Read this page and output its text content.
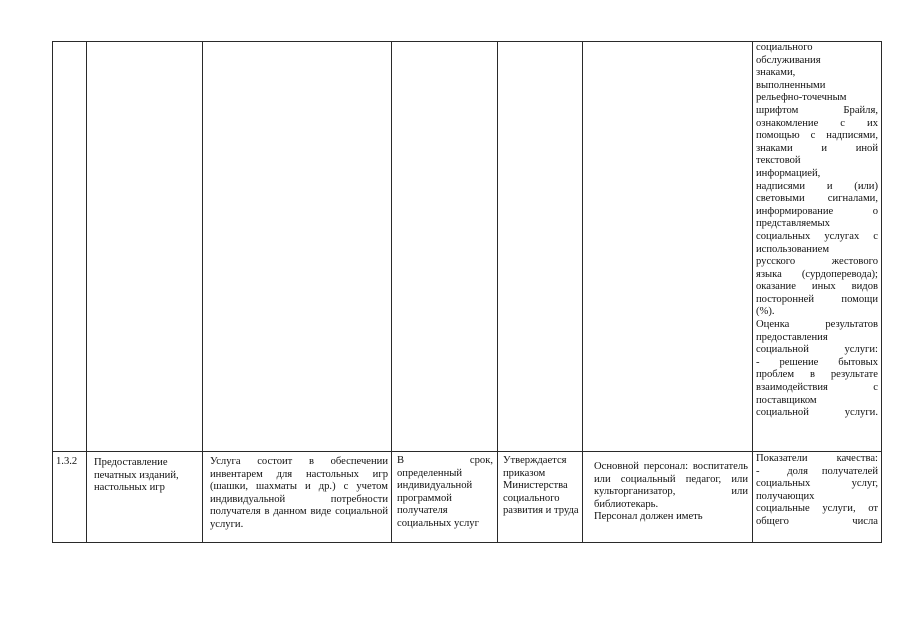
социального
обслуживания
знаками,
выполненными
рельефно-точечным
шрифтом      Брайля,
ознакомление  с  их
помощью с надписями,
знаками    и    иной
текстовой
информацией,
надписями  и  (или)
световыми сигналами,
информирование    о
представляемых
социальных услугах с
использованием
русского     жестового
языка (сурдоперевода);
оказание иных видов
посторонней  помощи
(%).
Оценка   результатов
предоставления
социальной услуги:
-  решение  бытовых
проблем в результате
взаимодействия      с
поставщиком
социальной услуги.
1.3.2	Предоставление печатных изданий, настольных игр
Услуга состоит в обеспечении инвентарем для настольных игр (шашки, шахматы и др.) с учетом индивидуальной потребности получателя в данном виде социальной услуги.
В срок, определенный индивидуальной программой получателя социальных услуг
Утверждается приказом Министерства социального развития и труда
Основной персонал: воспитатель или социальный педагог, или культорганизатор, или библиотекарь.
Персонал должен иметь
Показатели качества:
-  доля получателей
социальных    услуг,
получающих
социальные услуги, от
общего           числа
